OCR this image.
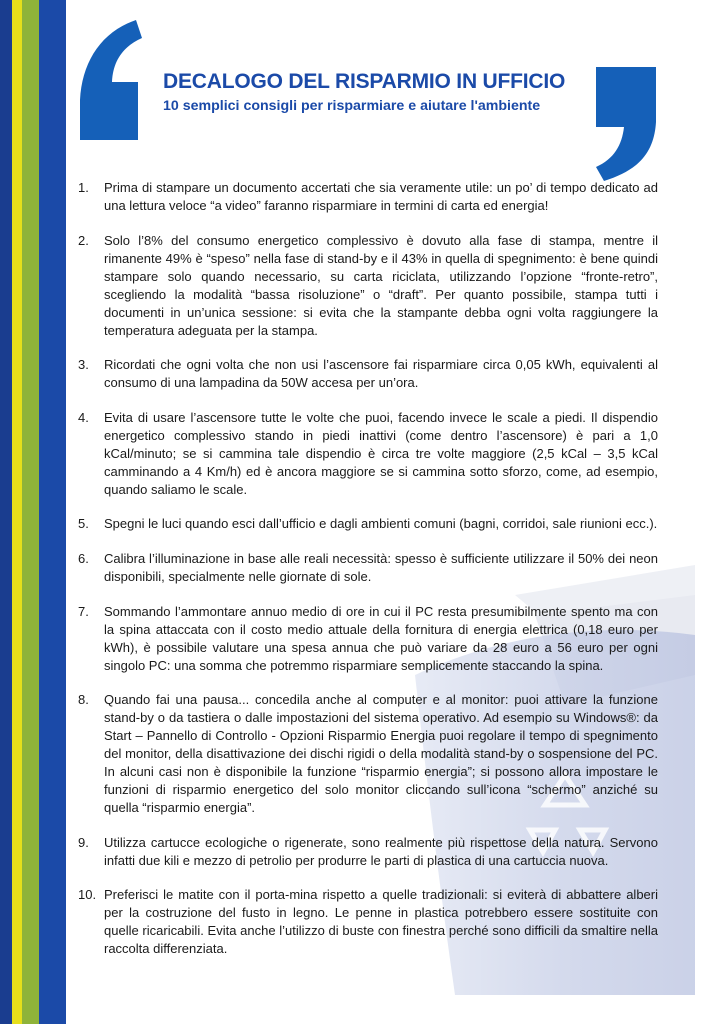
DECALOGO DEL RISPARMIO IN UFFICIO
10 semplici consigli per risparmiare e aiutare l'ambiente
1.	Prima di stampare un documento accertati che sia veramente utile: un po’ di tempo dedicato ad una lettura veloce “a video” faranno risparmiare in termini di carta ed energia!
2.	Solo l’8% del consumo energetico complessivo è dovuto alla fase di stampa, mentre il rimanente 49% è “speso” nella fase di stand-by e il 43% in quella di spegnimento: è bene quindi stampare solo quando necessario, su carta riciclata, utilizzando l’opzione “fronte-retro”, scegliendo la modalità “bassa risoluzione” o “draft”. Per quanto possibile, stampa tutti i documenti in un’unica sessione: si evita che la stampante debba ogni volta raggiungere la temperatura adeguata per la stampa.
3.	Ricordati che ogni volta che non usi l’ascensore fai risparmiare circa 0,05 kWh, equivalenti al consumo di una lampadina da 50W accesa per un’ora.
4.	Evita di usare l’ascensore tutte le volte che puoi, facendo invece le scale a piedi. Il dispendio energetico complessivo stando in piedi inattivi (come dentro l’ascensore) è pari a 1,0 kCal/minuto; se si cammina tale dispendio è circa tre volte maggiore (2,5 kCal – 3,5 kCal camminando a 4 Km/h) ed è ancora maggiore se si cammina sotto sforzo, come, ad esempio, quando saliamo le scale.
5.	Spegni le luci quando esci dall’ufficio e dagli ambienti comuni (bagni, corridoi, sale riunioni ecc.).
6.	Calibra l’illuminazione in base alle reali necessità: spesso è sufficiente utilizzare il 50% dei neon disponibili, specialmente nelle giornate di sole.
7.	Sommando l’ammontare annuo medio di ore in cui il PC resta presumibilmente spento ma con la spina attaccata con il costo medio attuale della fornitura di energia elettrica (0,18 euro per kWh), è possibile valutare una spesa annua che può variare da 28 euro a 56 euro per ogni singolo PC: una somma che potremmo risparmiare semplicemente staccando la spina.
8.	Quando fai una pausa... concedila anche al computer e al monitor: puoi attivare la funzione stand-by o da tastiera o dalle impostazioni del sistema operativo. Ad esempio su Windows®: da Start – Pannello di Controllo - Opzioni Risparmio Energia puoi regolare il tempo di spegnimento del monitor, della disattivazione dei dischi rigidi o della modalità stand-by o sospensione del PC. In alcuni casi non è disponibile la funzione “risparmio energia”; si possono allora impostare le funzioni di risparmio energetico del solo monitor cliccando sull’icona “schermo” anziché su quella “risparmio energia”.
9.	Utilizza cartucce ecologiche o rigenerate, sono realmente più rispettose della natura. Servono infatti due kili e mezzo di petrolio per produrre le parti di plastica di una cartuccia nuova.
10. Preferisci le matite con il porta-mina rispetto a quelle tradizionali: si eviterà di abbattere alberi per la costruzione del fusto in legno. Le penne in plastica potrebbero essere sostituite con quelle ricaricabili. Evita anche l’utilizzo di buste con finestra perché sono difficili da smaltire nella raccolta differenziata.
